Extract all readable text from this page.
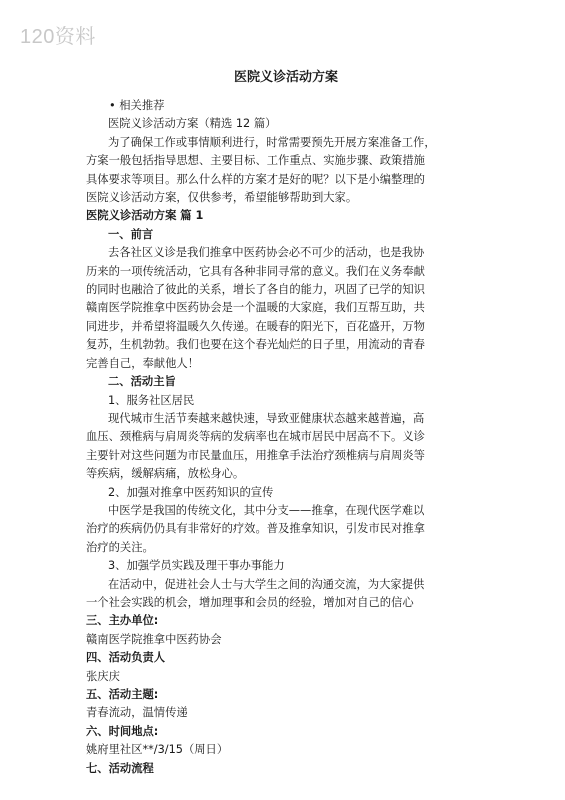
120资料
医院义诊活动方案

• 相关推荐

医院义诊活动方案（精选 12 篇）

为了确保工作或事情顺利进行，时常需要预先开展方案准备工作，

方案一般包括指导思想、主要目标、工作重点、实施步骤、政策措施

具体要求等项目。那么什么样的方案才是好的呢？以下是小编整理的

医院义诊活动方案，仅供参考，希望能够帮助到大家。

医院义诊活动方案 篇 1

一、前言

去各社区义诊是我们推拿中医药协会必不可少的活动，也是我协

历来的一项传统活动，它具有各种非同寻常的意义。我们在义务奉献

的同时也融洽了彼此的关系，增长了各自的能力，巩固了已学的知识

赣南医学院推拿中医药协会是一个温暖的大家庭，我们互帮互助，共

同进步，并希望将温暖久久传递。在暖春的阳光下，百花盛开，万物

复苏，生机勃勃。我们也要在这个春光灿烂的日子里，用流动的青春

完善自己，奉献他人！

二、活动主旨

1、服务社区居民

现代城市生活节奏越来越快速，导致亚健康状态越来越普遍，高

血压、颈椎病与肩周炎等病的发病率也在城市居民中居高不下。义诊

主要针对这些问题为市民量血压，用推拿手法治疗颈椎病与肩周炎等

等疾病，缓解病痛，放松身心。

2、加强对推拿中医药知识的宣传

中医学是我国的传统文化，其中分支——推拿，在现代医学难以

治疗的疾病仍仍具有非常好的疗效。普及推拿知识，引发市民对推拿

治疗的关注。

3、加强学员实践及理干事办事能力

在活动中，促进社会人士与大学生之间的沟通交流，为大家提供

一个社会实践的机会，增加理事和会员的经验，增加对自己的信心

三、主办单位:

赣南医学院推拿中医药协会

四、活动负责人

张庆庆

五、活动主题:

青春流动，温情传递

六、时间地点:

姚府里社区**/3/15（周日）

七、活动流程
